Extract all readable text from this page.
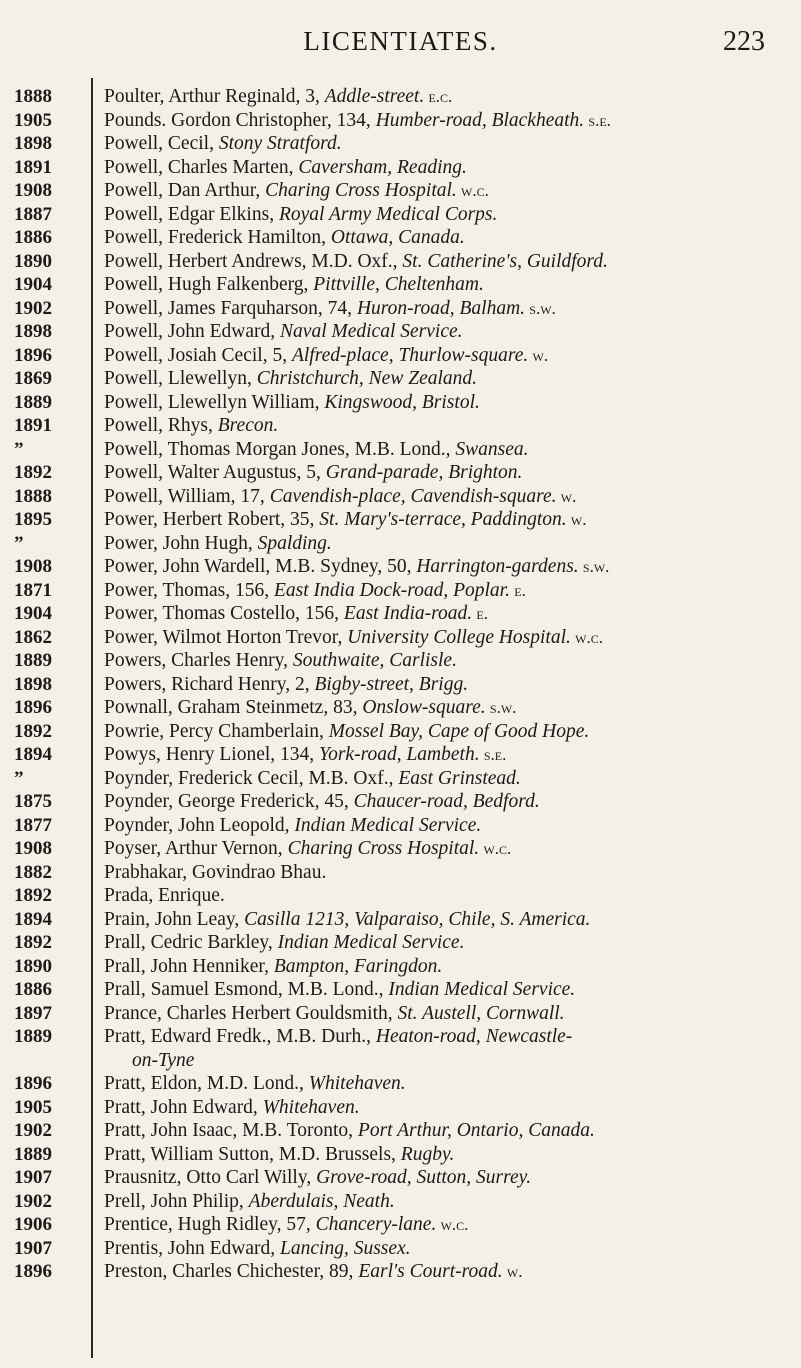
LICENTIATES.	223
1888	Poulter, Arthur Reginald, 3, Addle-street. e.c.
1905	Pounds. Gordon Christopher, 134, Humber-road, Blackheath. s.e.
1898	Powell, Cecil, Stony Stratford.
1891	Powell, Charles Marten, Caversham, Reading.
1908	Powell, Dan Arthur, Charing Cross Hospital. w.c.
1887	Powell, Edgar Elkins, Royal Army Medical Corps.
1886	Powell, Frederick Hamilton, Ottawa, Canada.
1890	Powell, Herbert Andrews, M.D. Oxf., St. Catherine's, Guildford.
1904	Powell, Hugh Falkenberg, Pittville, Cheltenham.
1902	Powell, James Farquharson, 74, Huron-road, Balham. s.w.
1898	Powell, John Edward, Naval Medical Service.
1896	Powell, Josiah Cecil, 5, Alfred-place, Thurlow-square. w.
1869	Powell, Llewellyn, Christchurch, New Zealand.
1889	Powell, Llewellyn William, Kingswood, Bristol.
1891	Powell, Rhys, Brecon.
”	Powell, Thomas Morgan Jones, M.B. Lond., Swansea.
1892	Powell, Walter Augustus, 5, Grand-parade, Brighton.
1888	Powell, William, 17, Cavendish-place, Cavendish-square. w.
1895	Power, Herbert Robert, 35, St. Mary's-terrace, Paddington. w.
”	Power, John Hugh, Spalding.
1908	Power, John Wardell, M.B. Sydney, 50, Harrington-gardens. s.w.
1871	Power, Thomas, 156, East India Dock-road, Poplar. e.
1904	Power, Thomas Costello, 156, East India-road. e.
1862	Power, Wilmot Horton Trevor, University College Hospital. w.c.
1889	Powers, Charles Henry, Southwaite, Carlisle.
1898	Powers, Richard Henry, 2, Bigby-street, Brigg.
1896	Pownall, Graham Steinmetz, 83, Onslow-square. s.w.
1892	Powrie, Percy Chamberlain, Mossel Bay, Cape of Good Hope.
1894	Powys, Henry Lionel, 134, York-road, Lambeth. s.e.
”	Poynder, Frederick Cecil, M.B. Oxf., East Grinstead.
1875	Poynder, George Frederick, 45, Chaucer-road, Bedford.
1877	Poynder, John Leopold, Indian Medical Service.
1908	Poyser, Arthur Vernon, Charing Cross Hospital. w.c.
1882	Prabhakar, Govindrao Bhau.
1892	Prada, Enrique.
1894	Prain, John Leay, Casilla 1213, Valparaiso, Chile, S. America.
1892	Prall, Cedric Barkley, Indian Medical Service.
1890	Prall, John Henniker, Bampton, Faringdon.
1886	Prall, Samuel Esmond, M.B. Lond., Indian Medical Service.
1897	Prance, Charles Herbert Gouldsmith, St. Austell, Cornwall.
1889	Pratt, Edward Fredk., M.B. Durh., Heaton-road, Newcastle-
on-Tyne
1896	Pratt, Eldon, M.D. Lond., Whitehaven.
1905	Pratt, John Edward, Whitehaven.
1902	Pratt, John Isaac, M.B. Toronto, Port Arthur, Ontario, Canada.
1889	Pratt, William Sutton, M.D. Brussels, Rugby.
1907	Prausnitz, Otto Carl Willy, Grove-road, Sutton, Surrey.
1902	Prell, John Philip, Aberdulais, Neath.
1906	Prentice, Hugh Ridley, 57, Chancery-lane. w.c.
1907	Prentis, John Edward, Lancing, Sussex.
1896	Preston, Charles Chichester, 89, Earl's Court-road. w.
